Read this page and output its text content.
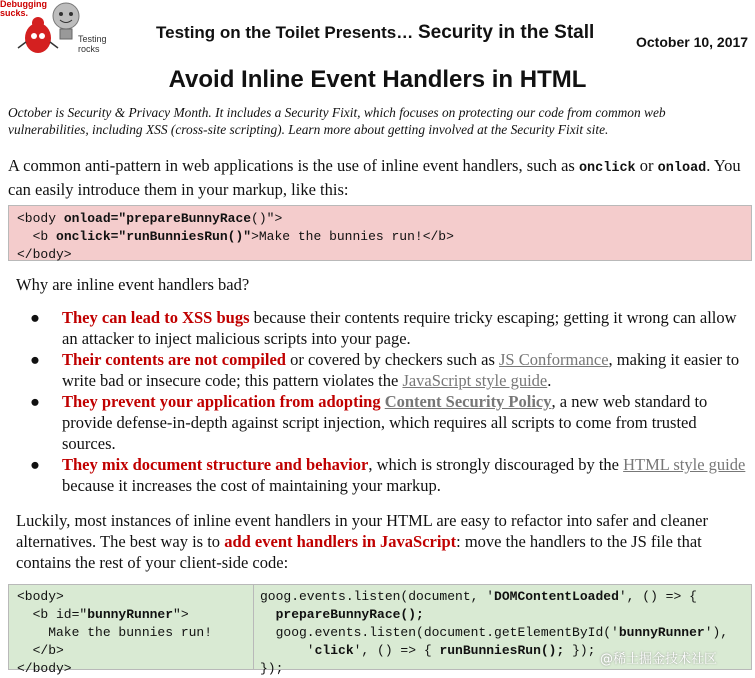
Debugging sucks.
Testing rocks
Testing on the Toilet Presents… Security in the Stall	October 10, 2017
Avoid Inline Event Handlers in HTML
October is Security & Privacy Month. It includes a Security Fixit, which focuses on protecting our code from common web vulnerabilities, including XSS (cross-site scripting). Learn more about getting involved at the Security Fixit site.
A common anti-pattern in web applications is the use of inline event handlers, such as onclick or onload. You can easily introduce them in your markup, like this:
<body onload="prepareBunnyRace()">
<b onclick="runBunniesRun()">Make the bunnies run!</b>
</body>
Why are inline event handlers bad?
● They can lead to XSS bugs because their contents require tricky escaping; getting it wrong can allow an attacker to inject malicious scripts into your page.
● Their contents are not compiled or covered by checkers such as JS Conformance, making it easier to write bad or insecure code; this pattern violates the JavaScript style guide.
● They prevent your application from adopting Content Security Policy, a new web standard to provide defense-in-depth against script injection, which requires all scripts to come from trusted sources.
● They mix document structure and behavior, which is strongly discouraged by the HTML style guide because it increases the cost of maintaining your markup.
Luckily, most instances of inline event handlers in your HTML are easy to refactor into safer and cleaner alternatives. The best way is to add event handlers in JavaScript: move the handlers to the JS file that contains the rest of your client-side code:
<body>
<b id="bunnyRunner">
Make the bunnies run!
</b>
</body>
goog.events.listen(document, 'DOMContentLoaded', () => {
prepareBunnyRace();
goog.events.listen(document.getElementById('bunnyRunner'),
'click', () => { runBunniesRun(); });
});
@稀土掘金技术社区
